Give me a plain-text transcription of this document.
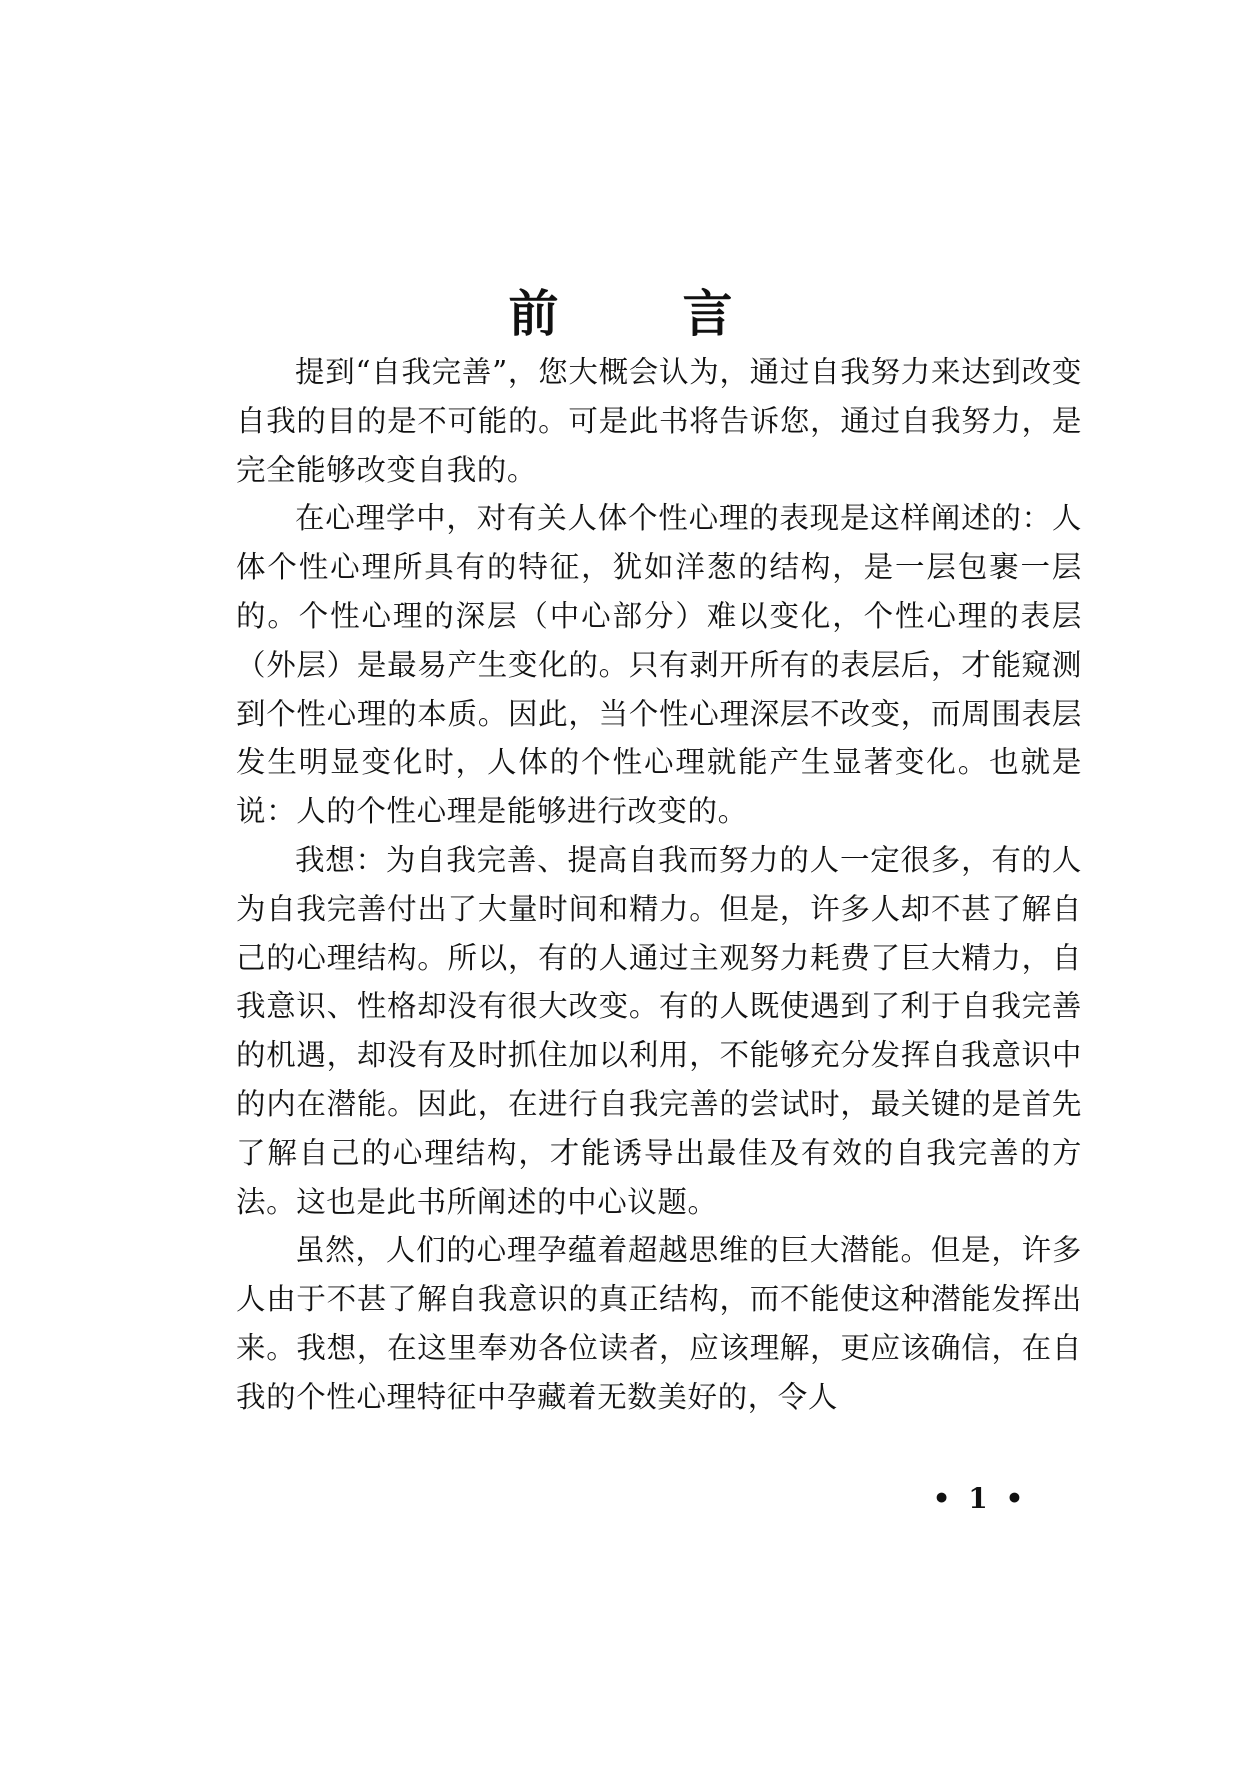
前 言

提到“自我完善”，您大概会认为，通过自我努力来达到改变自我的目的是不可能的。可是此书将告诉您，通过自我努力，是完全能够改变自我的。

在心理学中，对有关人体个性心理的表现是这样阐述的：人体个性心理所具有的特征，犹如洋葱的结构，是一层包裹一层的。个性心理的深层（中心部分）难以变化，个性心理的表层（外层）是最易产生变化的。只有剥开所有的表层后，才能窥测到个性心理的本质。因此，当个性心理深层不改变，而周围表层发生明显变化时，人体的个性心理就能产生显著变化。也就是说：人的个性心理是能够进行改变的。

我想：为自我完善、提高自我而努力的人一定很多，有的人为自我完善付出了大量时间和精力。但是，许多人却不甚了解自己的心理结构。所以，有的人通过主观努力耗费了巨大精力，自我意识、性格却没有很大改变。有的人既使遇到了利于自我完善的机遇，却没有及时抓住加以利用，不能够充分发挥自我意识中的内在潜能。因此，在进行自我完善的尝试时，最关键的是首先了解自己的心理结构，才能诱导出最佳及有效的自我完善的方法。这也是此书所阐述的中心议题。

虽然，人们的心理孕蕴着超越思维的巨大潜能。但是，许多人由于不甚了解自我意识的真正结构，而不能使这种潜能发挥出来。我想，在这里奉劝各位读者，应该理解，更应该确信，在自我的个性心理特征中孕藏着无数美好的，令人

• 1 •
